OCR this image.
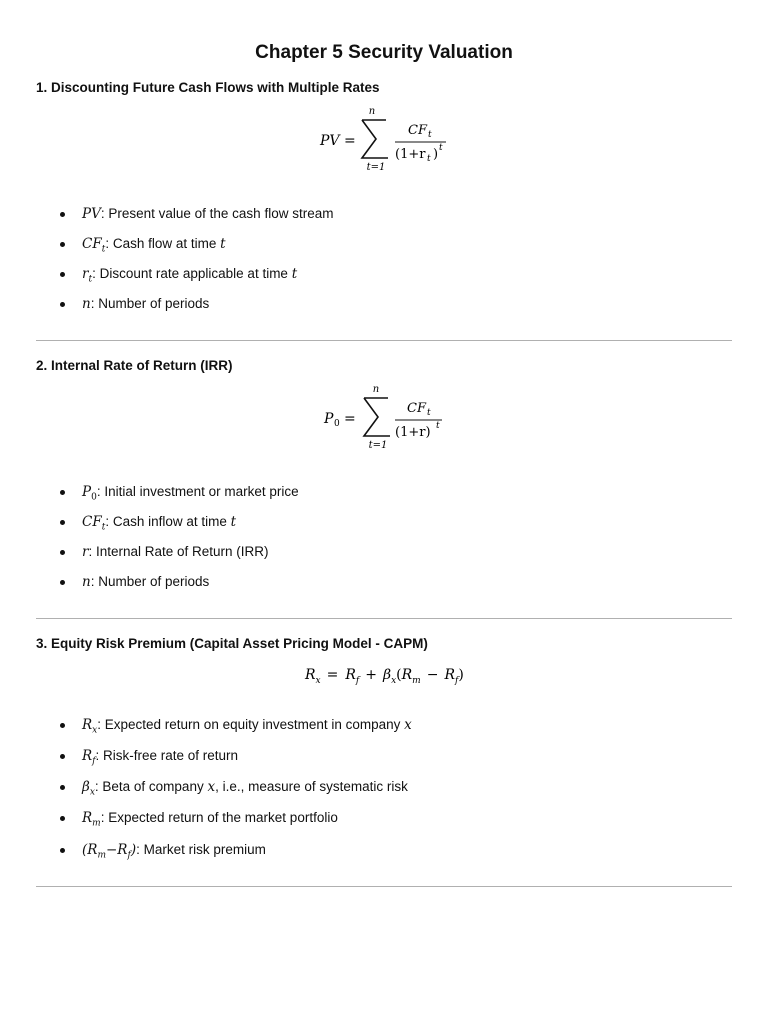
Chapter 5 Security Valuation
1. Discounting Future Cash Flows with Multiple Rates
PV =
n
t=1
CF t
(1+r t ) t
PV: Present value of the cash flow stream
$CF_t$: Cash flow at time t
$r_t$: Discount rate applicable at time t
n: Number of periods
2. Internal Rate of Return (IRR)
P 0 =
n
t=1
CF t
(1+r) t
$P_0$: Initial investment or market price
$CF_t$: Cash inflow at time t
r: Internal Rate of Return (IRR)
n: Number of periods
3. Equity Risk Premium (Capital Asset Pricing Model - CAPM)
$R_x = R_f + \beta_x(R_m - R_f)$
$R_x$: Expected return on equity investment in company x
$R_f$: Risk-free rate of return
$\beta_x$: Beta of company x, i.e., measure of systematic risk
$R_m$: Expected return of the market portfolio
$(R_m-R_f)$: Market risk premium
